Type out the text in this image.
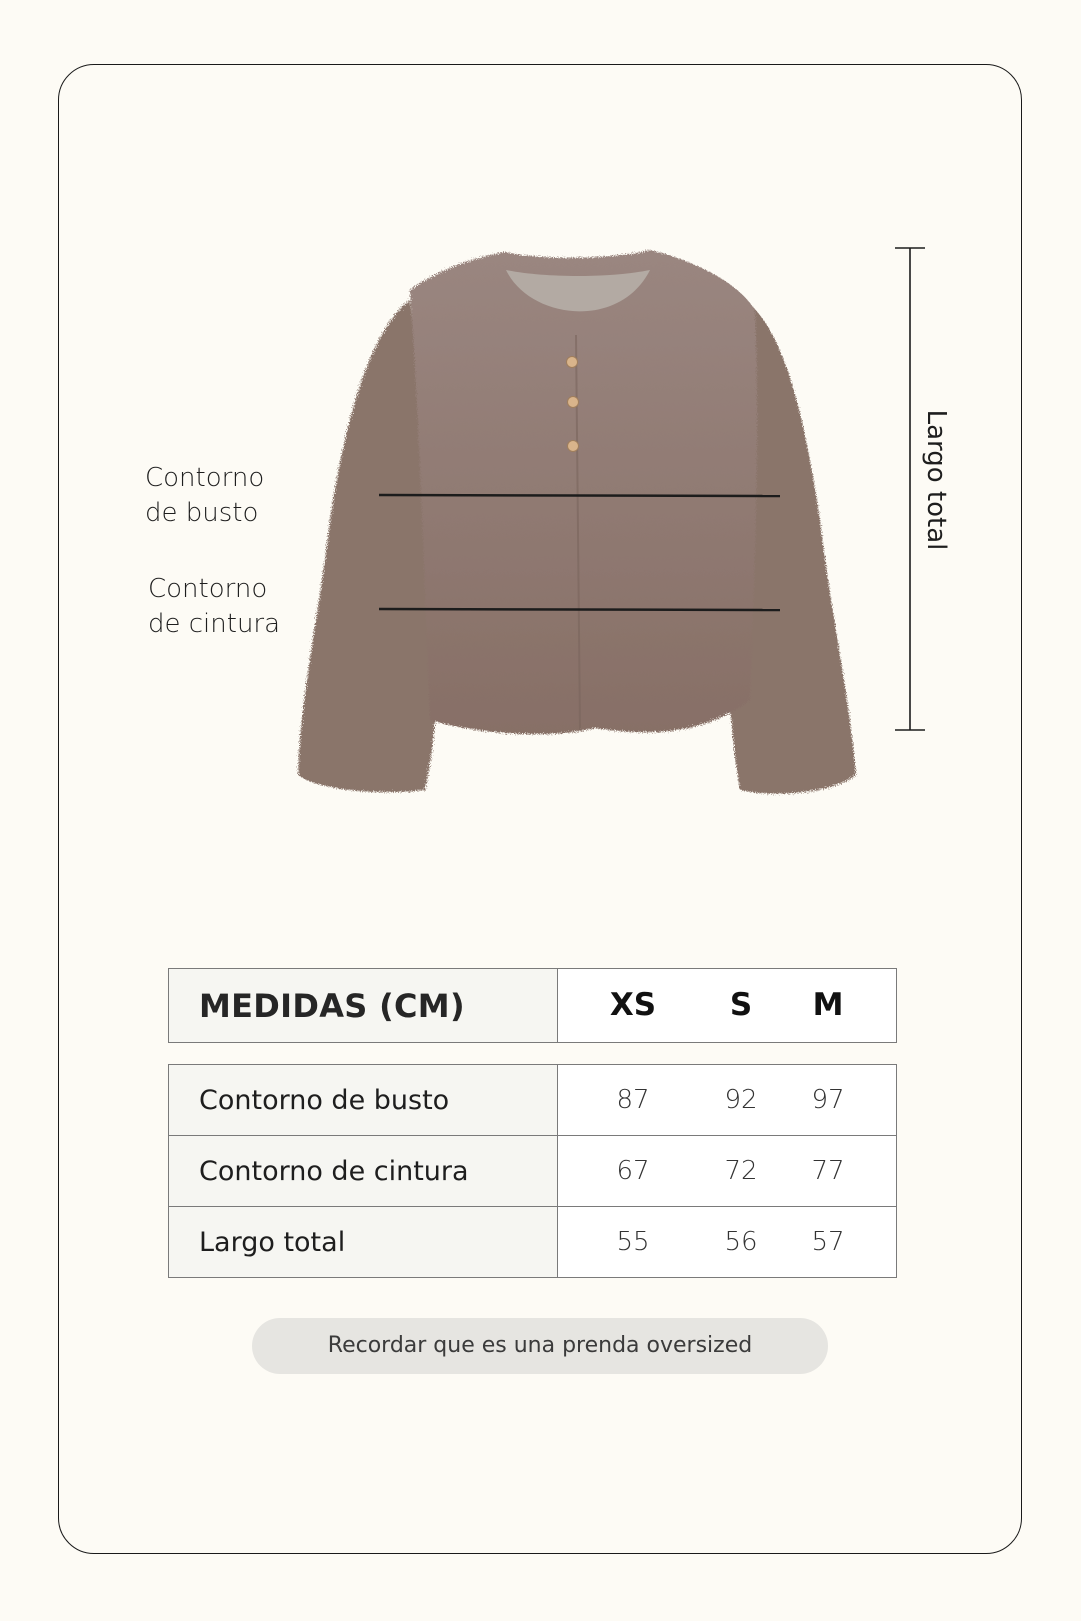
Contorno
de busto
Contorno
de cintura
Largo total
MEDIDAS (CM)	XS	S	M
Contorno de busto	87 92 97

Contorno de cintura	67 72 77

Largo total	55 56 57
Recordar que es una prenda oversized
